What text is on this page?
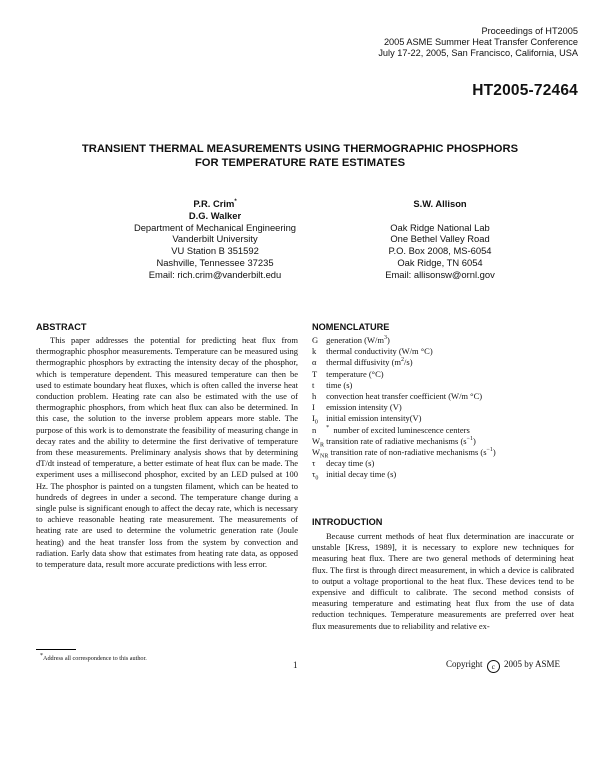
Proceedings of HT2005
2005 ASME Summer Heat Transfer Conference
July 17-22, 2005, San Francisco, California, USA
HT2005-72464
TRANSIENT THERMAL MEASUREMENTS USING THERMOGRAPHIC PHOSPHORS
FOR TEMPERATURE RATE ESTIMATES
P.R. Crim*
D.G. Walker
Department of Mechanical Engineering
Vanderbilt University
VU Station B 351592
Nashville, Tennessee 37235
Email: rich.crim@vanderbilt.edu
S.W. Allison

Oak Ridge National Lab
One Bethel Valley Road
P.O. Box 2008, MS-6054
Oak Ridge, TN 6054
Email: allisonsw@ornl.gov
ABSTRACT

This paper addresses the potential for predicting heat flux from thermographic phosphor measurements. Temperature can be measured using thermographic phosphors by extracting the intensity decay of the phosphor, which is temperature dependent. This measured temperature can then be used to estimate boundary heat fluxes, which is often called the inverse heat conduction problem. Heating rate can also be estimated with the use of thermographic phosphors, from which heat flux can also be determined. In this case, the solution to the inverse problem appears more stable. The purpose of this work is to demonstrate the feasibility of measuring change in decay rates and the ability to determine the first derivative of temperature from these measurements. Preliminary analysis shows that by determining dT/dt instead of temperature, a better estimate of heat flux can be made. The experiment uses a millisecond phosphor, excited by an LED pulsed at 100 Hz. The phosphor is painted on a tungsten filament, which can be heated to hundreds of degrees in under a second. The temperature change during a single pulse is significant enough to affect the decay rate, which is necessary to achieve reasonable heating rate measurement. The measurements of heating rate are used to determine the volumetric generation rate (Joule heating) and the heat transfer loss from the system by convection and radiation. Early data show that estimates from heating rate data, as opposed to temperature data, result more accurate predictions with less error.

NOMENCLATURE
G generation $(W/m^3)$
k thermal conductivity (W/m °C)
α thermal diffusivity $(m^2/s)$
T temperature (°C)
t time (s)
h convection heat transfer coefficient (W/m °C)
I emission intensity (V)
$I_0$ initial emission intensity(V)
n * number of excited luminescence centers
$W_R$ transition rate of radiative mechanisms $(s^{-1})$
$W_{NR}$ transition rate of non-radiative mechanisms $(s^{-1})$
τ decay time (s)
$\tau_0$ initial decay time (s)
INTRODUCTION

Because current methods of heat flux determination are inaccurate or unstable [Kress, 1989], it is necessary to explore new techniques for measuring heat flux. There are two general methods of determining heat flux. The first is through direct measurement, in which a device is calibrated to output a voltage proportional to the heat flux. These devices tend to be expensive and difficult to calibrate. The second method consists of measuring temperature and estimating heat flux from the use of data reduction techniques. Temperature measurements are preferred over heat flux measurements due to reliability and relative ex-

*Address all correspondence to this author.
1	Copyright c 2005 by ASME
